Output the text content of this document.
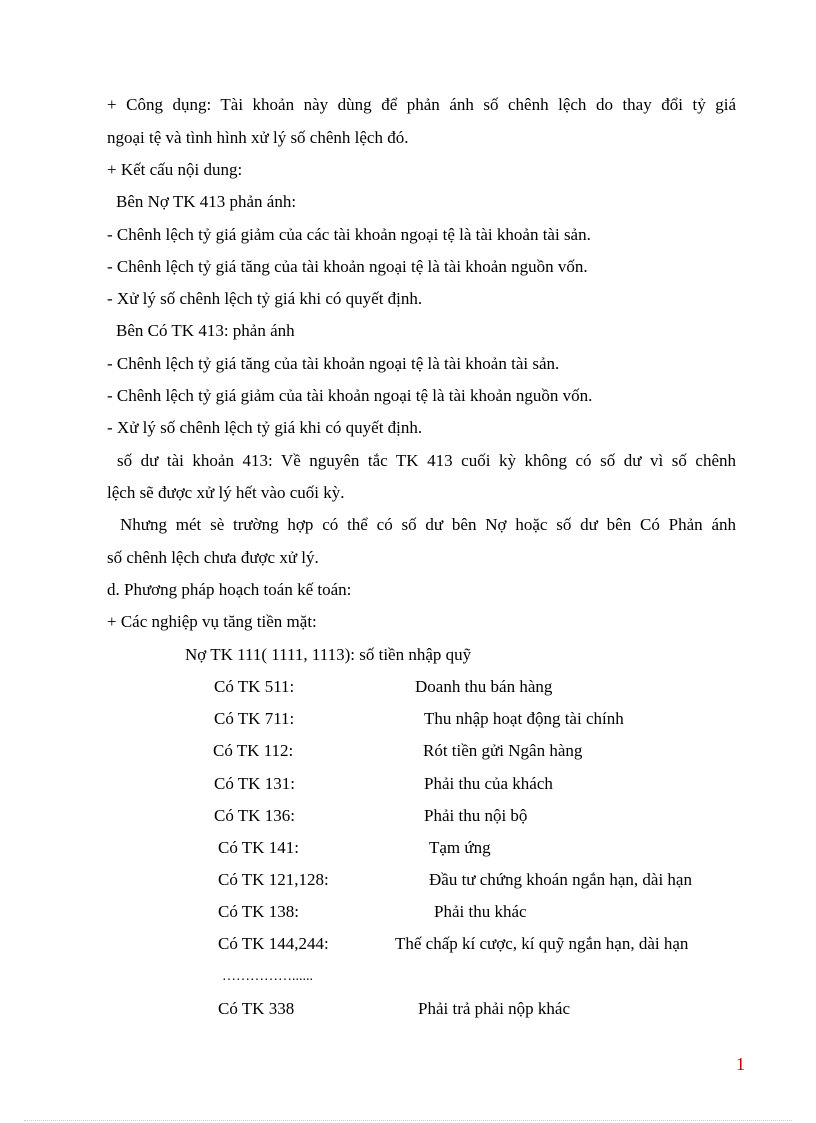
+ Công dụng: Tài khoản này dùng để phản ánh số chênh lệch do thay đổi tỷ giá
ngoại tệ và tình hình xử lý số chênh lệch đó.
+ Kết cấu nội dung:
Bên Nợ TK 413 phản ánh:
- Chênh lệch tỷ giá giảm của các tài khoản ngoại tệ là tài khoản tài sản.
- Chênh lệch tỷ giá tăng của tài khoản ngoại tệ là tài khoản nguồn vốn.
- Xử lý số chênh lệch tỷ giá khi có quyết định.
Bên Có TK 413: phản ánh
- Chênh lệch tỷ giá tăng của tài khoản ngoại tệ là tài khoản tài sản.
- Chênh lệch tỷ giá giảm của tài khoản ngoại tệ là tài khoản nguồn vốn.
- Xử lý số chênh lệch tỷ giá khi có quyết định.
số dư tài khoản 413: Về nguyên tắc TK 413 cuối kỳ không có số dư vì số chênh
lệch sẽ được xử lý hết vào cuối kỳ.
Nhưng mét sè trường hợp có thể có số dư bên Nợ hoặc số dư bên Có Phản ánh
số chênh lệch chưa được xử lý.
d. Phương pháp hoạch toán kế toán:
+ Các nghiệp vụ tăng tiền mặt:
Nợ TK 111( 1111, 1113): số tiền nhập quỹ
Có TK 511:	Doanh thu bán hàng
Có TK 711:	Thu nhập hoạt động tài chính
Có TK 112:	Rót tiền gửi Ngân hàng
Có TK 131:	Phải thu của khách
Có TK 136:	Phải thu nội bộ
Có TK 141:	Tạm ứng
Có TK 121,128:	Đầu tư chứng khoán ngắn hạn, dài hạn
Có TK 138:	Phải thu khác
Có TK 144,244:	Thế chấp kí cược, kí quỹ ngắn hạn, dài hạn
……………......
Có TK 338	Phải trả phải nộp khác
1
